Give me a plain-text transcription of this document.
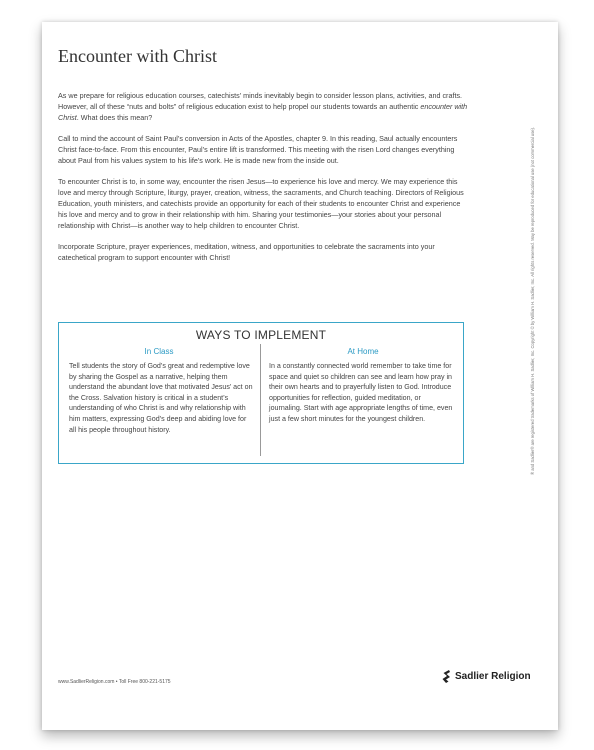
Encounter with Christ

As we prepare for religious education courses, catechists’ minds inevitably begin to consider lesson plans, activities, and crafts. However, all of these “nuts and bolts” of religious education exist to help propel our students towards an authentic encounter with Christ. What does this mean?

Call to mind the account of Saint Paul’s conversion in Acts of the Apostles, chapter 9. In this reading, Saul actually encounters Christ face-to-face. From this encounter, Paul’s entire lift is transformed. This meeting with the risen Lord changes everything about Paul from his values system to his life’s work. He is made new from the inside out.

To encounter Christ is to, in some way, encounter the risen Jesus—to experience his love and mercy. We may experience this love and mercy through Scripture, liturgy, prayer, creation, witness, the sacraments, and Church teaching. Directors of Religious Education, youth ministers, and catechists provide an opportunity for each of their students to encounter Christ and experience his love and mercy and to grow in their relationship with him. Sharing your testimonies—your stories about your personal relationship with Christ—is another way to help children to encounter Christ.

Incorporate Scripture, prayer experiences, meditation, witness, and opportunities to celebrate the sacraments into your catechetical program to support encounter with Christ!

WAYS TO IMPLEMENT
In Class	At Home
Tell students the story of God’s great and redemptive love by sharing the Gospel as a narrative, helping them understand the abundant love that motivated Jesus’ act on the Cross. Salvation history is critical in a student’s understanding of who Christ is and why relationship with him matters, expressing God’s deep and abiding love for all his people throughout history.
In a constantly connected world remember to take time for space and quiet so children can see and learn how pray in their own hearts and to prayerfully listen to God. Introduce opportunities for reflection, guided meditation, or journaling. Start with age appropriate lengths of time, even just a few short minutes for the youngest children.	® and Sadlier® are registered trademarks of William H. Sadlier, Inc. Copyright © by William H. Sadlier, Inc. All rights reserved. May be reproduced for educational use (not commercial use).
www.SadlierReligion.com • Toll Free 800-221-5175	Sadlier Religion
